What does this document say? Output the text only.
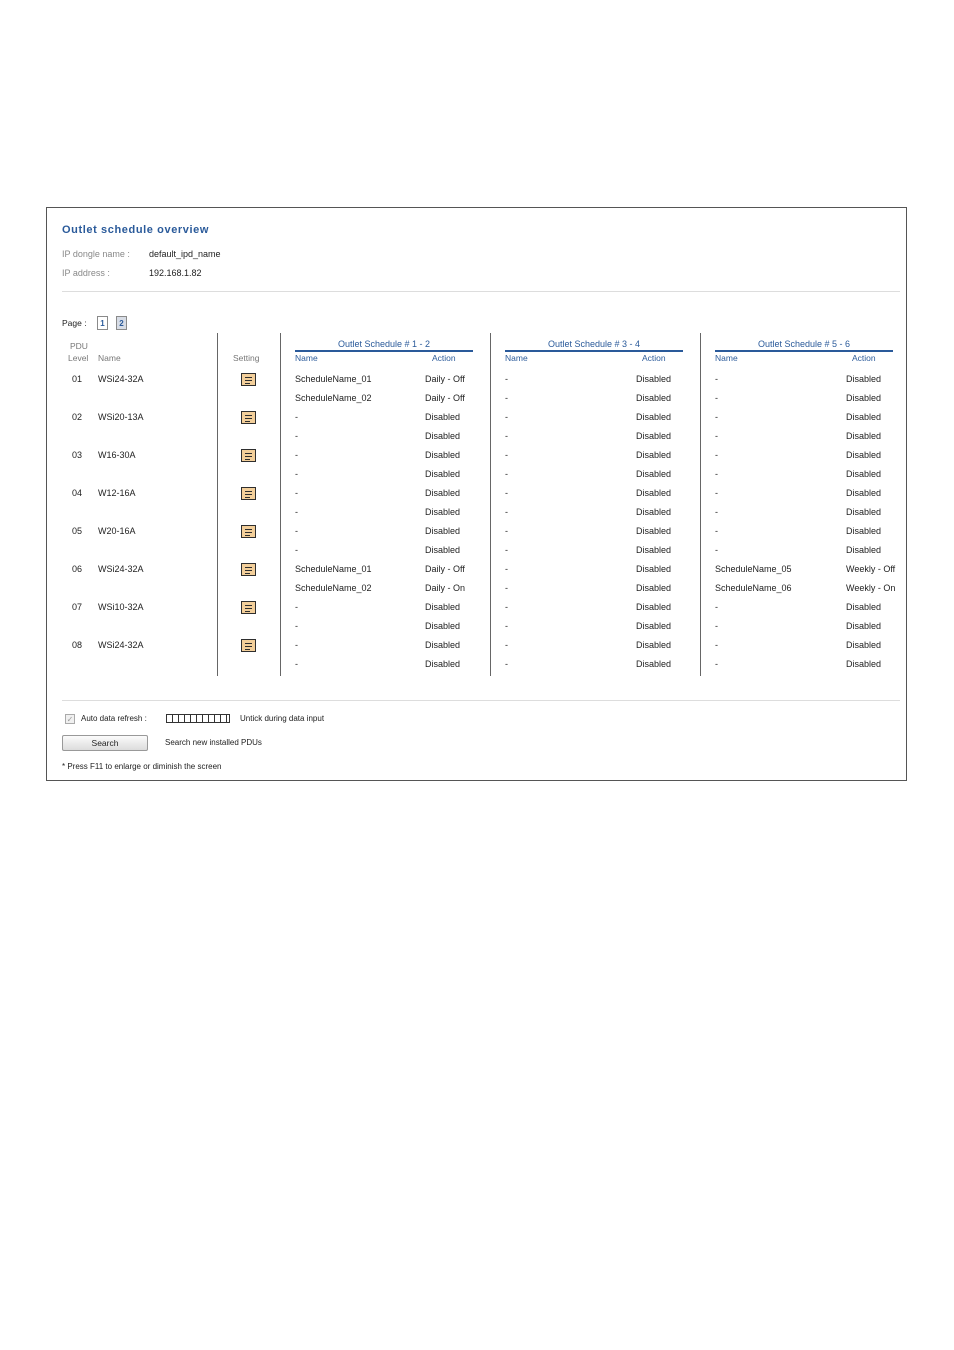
Outlet schedule overview
IP dongle name : default_ipd_name
IP address :	192.168.1.82
Page :	1	2
PDU
Level Name	Setting
Outlet Schedule # 1 - 2
Name	Action
Outlet Schedule # 3 - 4
Name	Action
Outlet Schedule # 5 - 6
Name	Action
01 WSi24-32A	ScheduleName_01	Daily - Off	-	Disabled	-	Disabled
ScheduleName_02	Daily - Off	-	Disabled	-	Disabled
02 WSi20-13A	-	Disabled	-	Disabled	-	Disabled
-	Disabled	-	Disabled	-	Disabled
03 W16-30A	-	Disabled	-	Disabled	-	Disabled
-	Disabled	-	Disabled	-	Disabled
04 W12-16A	-	Disabled	-	Disabled	-	Disabled
-	Disabled	-	Disabled	-	Disabled
05 W20-16A	-	Disabled	-	Disabled	-	Disabled
-	Disabled	-	Disabled	-	Disabled
06 WSi24-32A	ScheduleName_01	Daily - Off	-	Disabled	ScheduleName_05	Weekly - Off
ScheduleName_02	Daily - On	-	Disabled	ScheduleName_06	Weekly - On
07 WSi10-32A	-	Disabled	-	Disabled	-	Disabled
-	Disabled	-	Disabled	-	Disabled
08 WSi24-32A	-	Disabled	-	Disabled	-	Disabled
-	Disabled	-	Disabled	-	Disabled
✓ Auto data refresh :	Untick during data input
Search	Search new installed PDUs
* Press F11 to enlarge or diminish the screen
